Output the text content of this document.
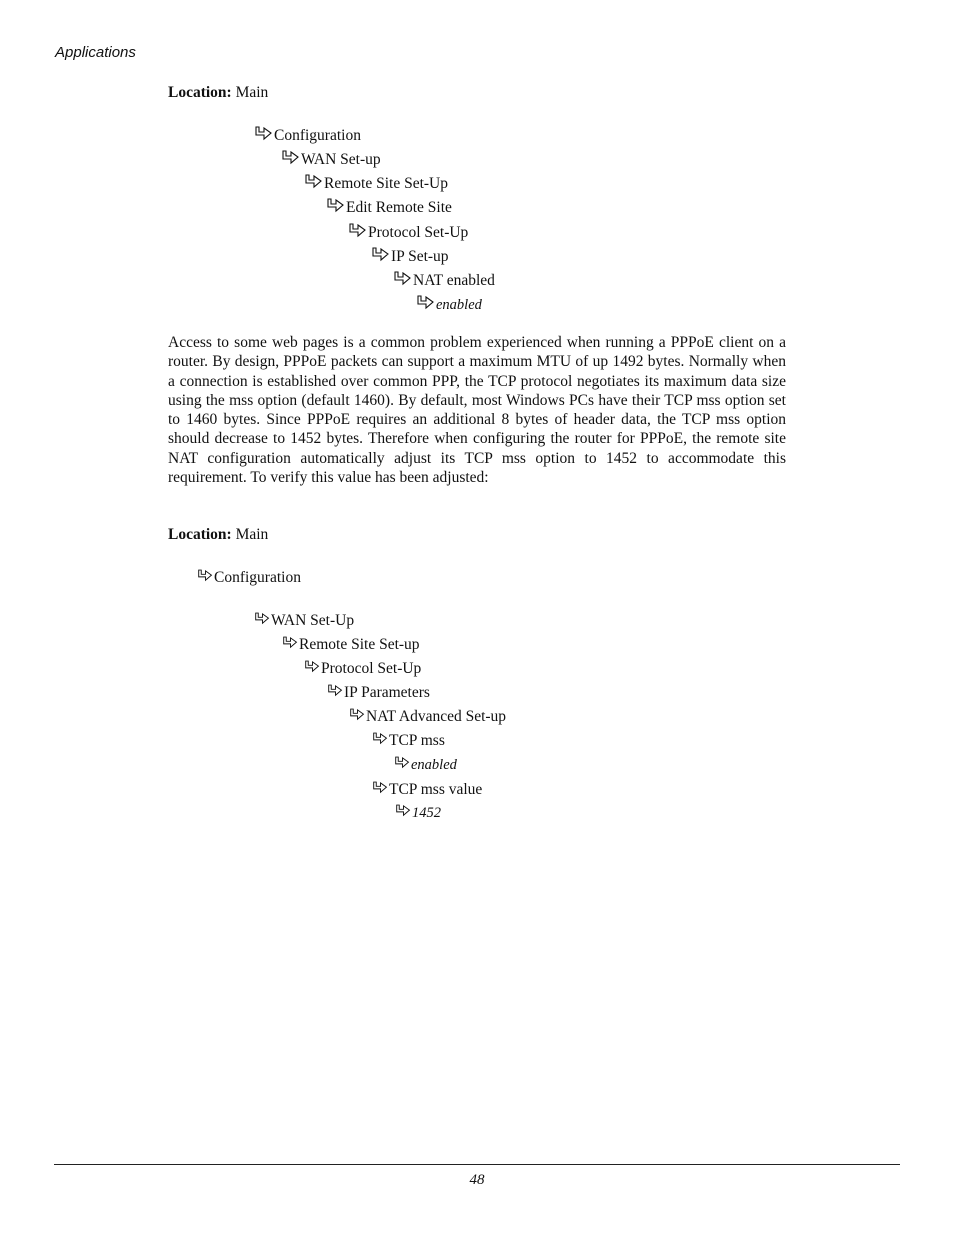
Applications
Location: Main
Configuration
WAN Set-up
Remote Site Set-Up
Edit Remote Site
Protocol Set-Up
IP Set-up
NAT enabled
enabled

Access to some web pages is a common problem experienced when running a PPPoE client on a router. By design, PPPoE packets can support a maximum MTU of up 1492 bytes. Normally when a connection is established over common PPP, the TCP protocol negotiates its maximum data size using the mss option (default 1460). By default, most Windows PCs have their TCP mss option set to 1460 bytes. Since PPPoE requires an additional 8 bytes of header data, the TCP mss option should decrease to 1452 bytes. Therefore when configuring the router for PPPoE, the remote site NAT configuration automatically adjust its TCP mss option to 1452 to accommodate this requirement. To verify this value has been adjusted:

Location: Main
Configuration
WAN Set-Up
Remote Site Set-up
Protocol Set-Up
IP Parameters
NAT Advanced Set-up
TCP mss
enabled
TCP mss value
1452
48
